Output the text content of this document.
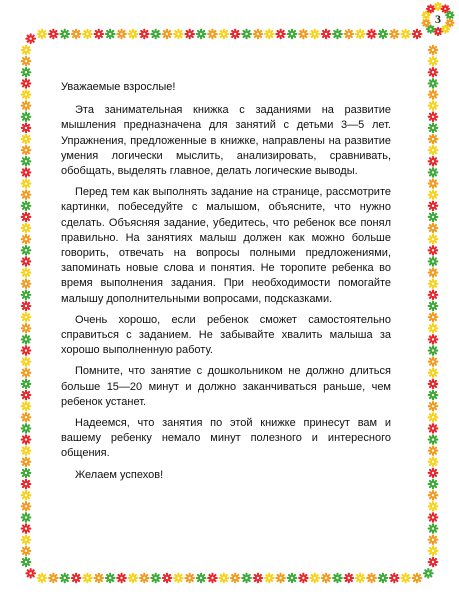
3

Уважаемые взрослые!

Эта занимательная книжка с заданиями на развитие мышления предназначена для занятий с детьми 3—5 лет. Упражнения, предложенные в книжке, направлены на развитие умения логически мыслить, анализировать, сравнивать, обобщать, выделять главное, делать логические выводы.

Перед тем как выполнять задание на странице, рассмотрите картинки, побеседуйте с малышом, объясните, что нужно сделать. Объясняя задание, убедитесь, что ребенок все понял правильно. На занятиях малыш должен как можно больше говорить, отвечать на вопросы полными предложениями, запоминать новые слова и понятия. Не торопите ребенка во время выполнения задания. При необходимости помогайте малышу дополнительными вопросами, подсказками.

Очень хорошо, если ребенок сможет самостоятельно справиться с заданием. Не забывайте хвалить малыша за хорошо выполненную работу.

Помните, что занятие с дошкольником не должно длиться больше 15—20 минут и должно заканчиваться раньше, чем ребенок устанет.

Надеемся, что занятия по этой книжке принесут вам и вашему ребенку немало минут полезного и интересного общения.

Желаем успехов!
